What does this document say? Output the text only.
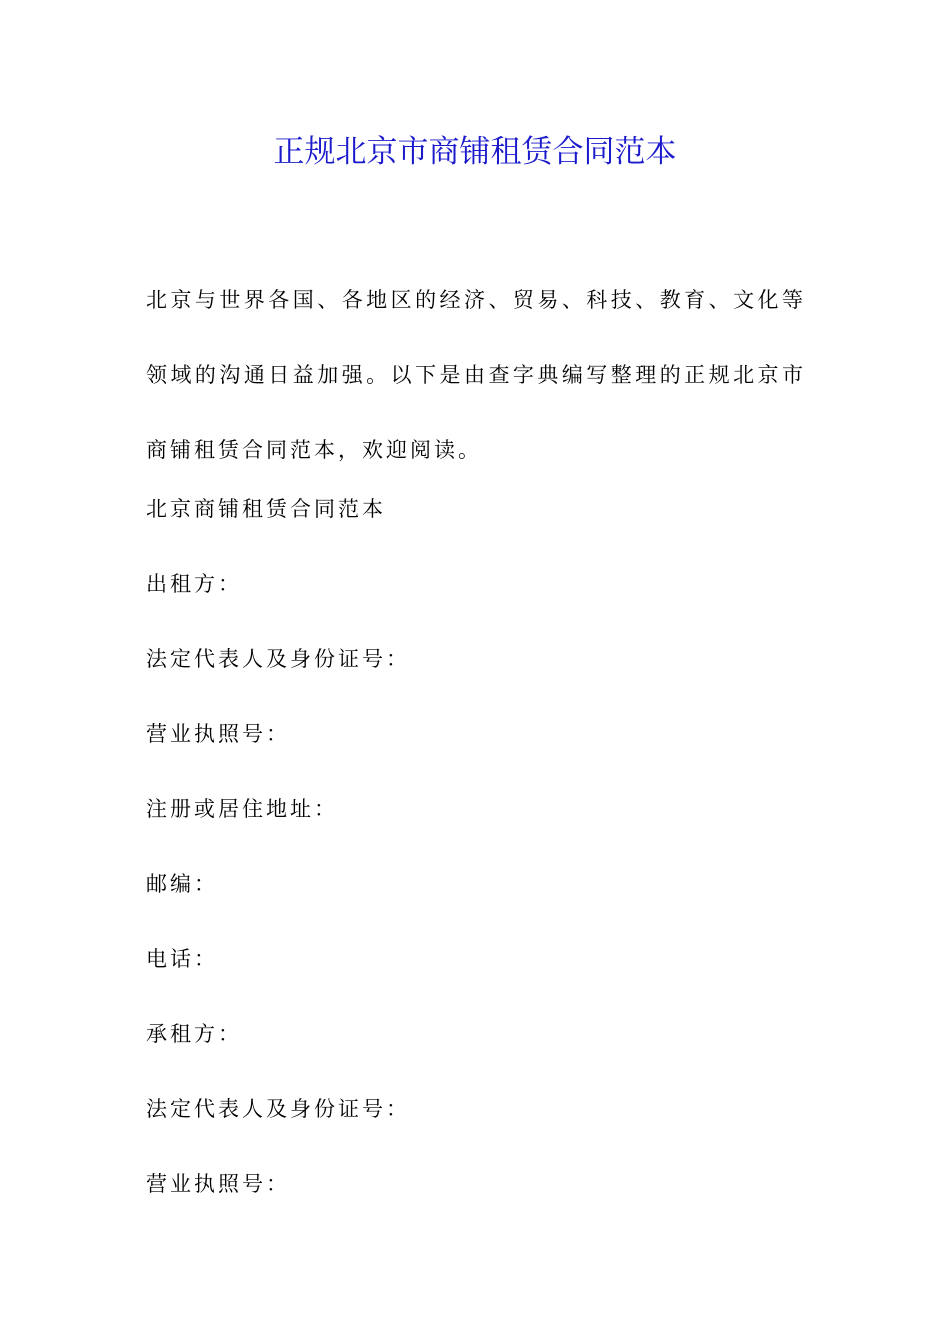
正规北京市商铺租赁合同范本

北京与世界各国、各地区的经济、贸易、科技、教育、文化等领域的沟通日益加强。以下是由查字典编写整理的正规北京市商铺租赁合同范本，欢迎阅读。

北京商铺租赁合同范本
出租方：
法定代表人及身份证号：
营业执照号：
注册或居住地址：
邮编：
电话：
承租方：
法定代表人及身份证号：
营业执照号：
